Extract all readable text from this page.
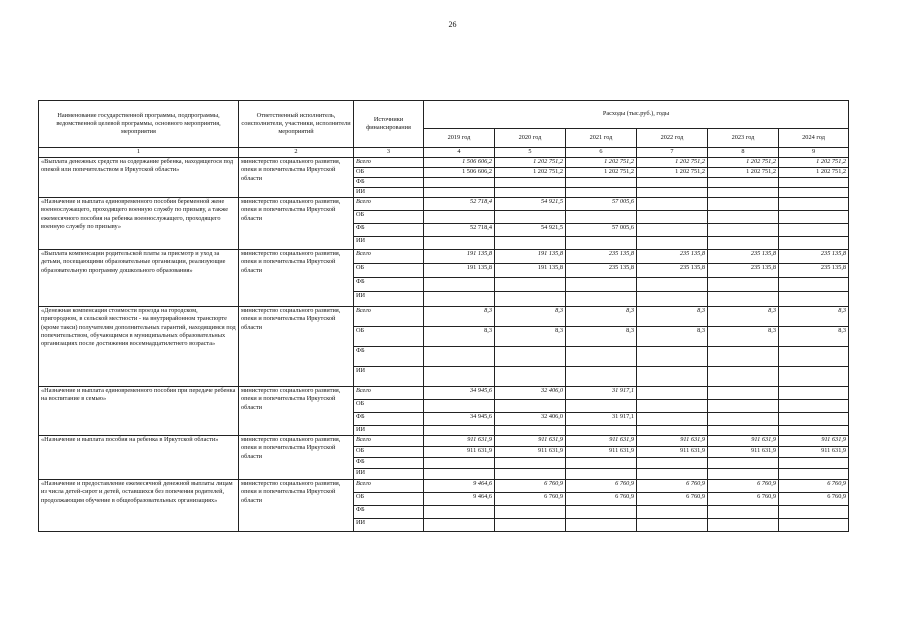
26
Наименование государственной программы, подпрограммы, ведомственной целевой программы, основного мероприятия, мероприятия	Ответственный исполнитель, соисполнители, участники, исполнители мероприятий	Источники финансирования	Расходы (тыс.руб.), годы					
			2019 год	2020 год	2021 год	2022 год	2023 год	2024 год
1	2	3	4	5	6	7	8	9
«Выплата денежных средств на содержание ребенка, находящегося под опекой или попечительством в Иркутской области»	министерство социального развития, опеки и попечительства Иркутской области	Всего	1 506 606,2	1 202 751,2	1 202 751,2	1 202 751,2	1 202 751,2	1 202 751,2
		ОБ	1 506 606,2	1 202 751,2	1 202 751,2	1 202 751,2	1 202 751,2	1 202 751,2
		ФБ						
		ИИ						
«Назначение и выплата единовременного пособия беременной жене военнослужащего, проходящего военную службу по призыву, а также ежемесячного пособия на ребенка военнослужащего, проходящего военную службу по призыву»	министерство социального развития, опеки и попечительства Иркутской области	Всего	52 718,4	54 921,5	57 005,6			
		ОБ						
		ФБ	52 718,4	54 921,5	57 005,6			
		ИИ						
«Выплата компенсации родительской платы за присмотр и уход за детьми, посещающими образовательные организации, реализующие образовательную программу дошкольного образования»	министерство социального развития, опеки и попечительства Иркутской области	Всего	191 135,8	191 135,8	235 135,8	235 135,8	235 135,8	235 135,8
		ОБ	191 135,8	191 135,8	235 135,8	235 135,8	235 135,8	235 135,8
		ФБ						
		ИИ						
«Денежная компенсация стоимости проезда на городском, пригородном, в сельской местности - на внутрирайонном транспорте (кроме такси) получателям дополнительных гарантий, находящимся под попечительством, обучающимся в муниципальных образовательных организациях после достижения восемнадцатилетнего возраста»	министерство социального развития, опеки и попечительства Иркутской области	Всего	8,3	8,3	8,3	8,3	8,3	8,3
		ОБ	8,3	8,3	8,3	8,3	8,3	8,3
		ФБ						
		ИИ						
«Назначение и выплата единовременного пособия при передаче ребенка на воспитание в семью»	министерство социального развития, опеки и попечительства Иркутской области	Всего	34 945,6	32 406,0	31 917,1			
		ОБ						
		ФБ	34 945,6	32 406,0	31 917,1			
		ИИ						
«Назначение и выплата пособия на ребенка в Иркутской области»	министерство социального развития, опеки и попечительства Иркутской области	Всего	911 631,9	911 631,9	911 631,9	911 631,9	911 631,9	911 631,9
		ОБ	911 631,9	911 631,9	911 631,9	911 631,9	911 631,9	911 631,9
		ФБ						
		ИИ						
«Назначение и предоставление ежемесячной денежной выплаты лицам из числа детей-сирот и детей, оставшихся без попечения родителей, продолжающим обучение в общеобразовательных организациях»	министерство социального развития, опеки и попечительства Иркутской области	Всего	9 464,6	6 760,9	6 760,9	6 760,9	6 760,9	6 760,9
		ОБ	9 464,6	6 760,9	6 760,9	6 760,9	6 760,9	6 760,9
		ФБ						
		ИИ						
